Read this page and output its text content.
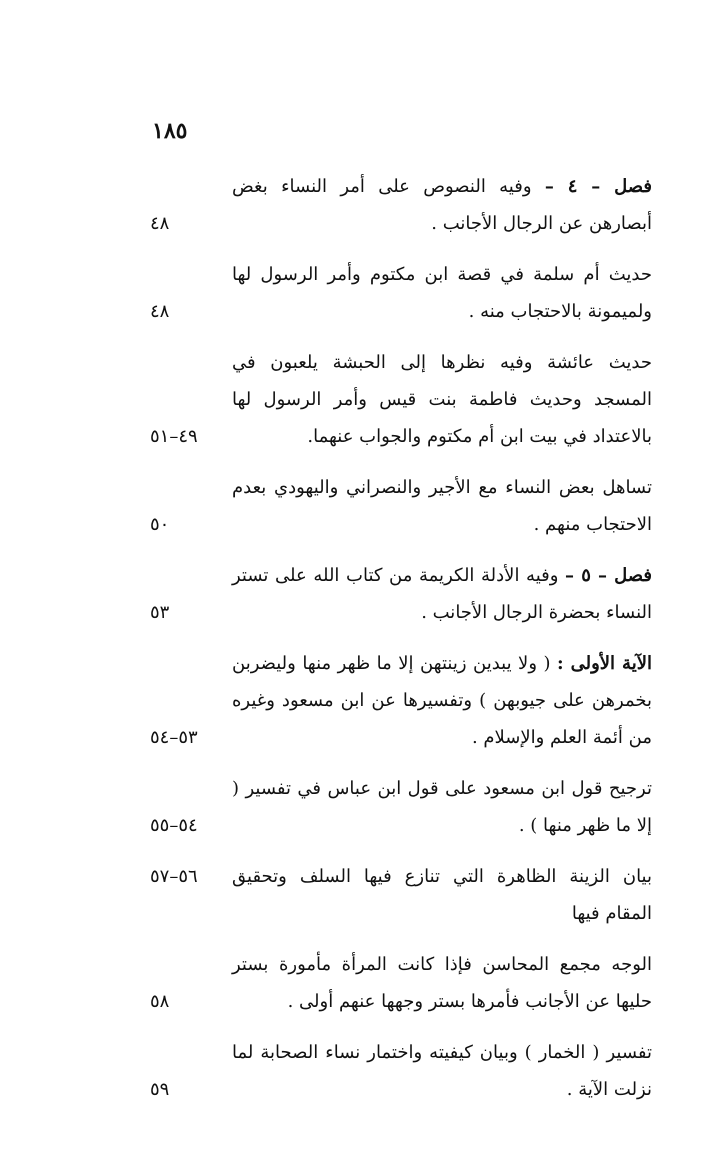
١٨٥
فصل – ٤ – وفيه النصوص على أمر النساء بغض أبصارهن عن الرجال الأجانب .
٤٨
حديث أم سلمة في قصة ابن مكتوم وأمر الرسول لها ولميمونة بالاحتجاب منه .
٤٨
حديث عائشة وفيه نظرها إلى الحبشة يلعبون في المسجد وحديث فاطمة بنت قيس وأمر الرسول لها بالاعتداد في بيت ابن أم مكتوم والجواب عنهما.
٤٩–٥١
تساهل بعض النساء مع الأجير والنصراني واليهودي بعدم الاحتجاب منهم .
٥٠
فصل – ٥ – وفيه الأدلة الكريمة من كتاب الله على تستر النساء بحضرة الرجال الأجانب .
٥٣
الآية الأولى : ( ولا يبدين زينتهن إلا ما ظهر منها وليضربن بخمرهن على جيوبهن ) وتفسيرها عن ابن مسعود وغيره من أئمة العلم والإسلام .
٥٣–٥٤
ترجيح قول ابن مسعود على قول ابن عباس في تفسير ( إلا ما ظهر منها ) .
٥٤–٥٥
بيان الزينة الظاهرة التي تنازع فيها السلف وتحقيق المقام فيها
٥٦–٥٧
الوجه مجمع المحاسن فإذا كانت المرأة مأمورة بستر حليها عن الأجانب فأمرها بستر وجهها عنهم أولى .
٥٨
تفسير ( الخمار ) وبيان كيفيته واختمار نساء الصحابة لما نزلت الآية .
٥٩
